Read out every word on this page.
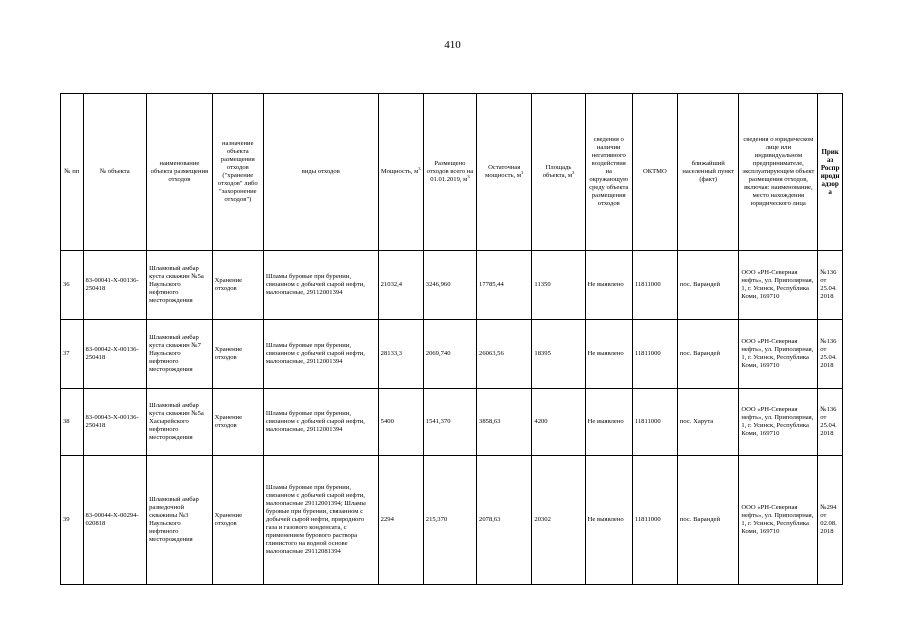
410
№ пп	№ объекта	наименование объекта размещения отходов	назначение объекта размещения отходов ("хранение отходов" либо "захоронение отходов")	виды отходов	Мощность, $м^3$	Размещено отходов всего на 01.01.2019, $м^3$	Остаточная мощность, $м^3$	Площадь объекта, $м^3$	сведения о наличии негативного воздействия на окружающую среду объекта размещения отходов	ОКТМО	ближайший населенный пункт (факт)	сведения о юридическом лице или индивидуальном предпринимателе, эксплуатирующем объект размещения отходов, включая: наименование, место нахождения юридического лица	Приказ Росприроднадзора
36	83-00041-Х-00136-250418	Шламовый амбар куста скважин №5а Наульского нефтяного месторождения	Хранение отходов	Шламы буровые при бурении, связанном с добычей сырой нефти, малоопасные, 29112001394	21032,4	3246,960	17785,44	11350	Не выявлено	11811000	пос. Варандей	ООО «РН-Северная нефть», ул. Приполярная, 1, г. Усинск, Республика Коми, 169710	№136 от 25.04.2018
37	83-00042-Х-00136-250418	Шламовый амбар куста скважин №7 Наульского нефтяного месторождения	Хранение отходов	Шламы буровые при бурении, связанном с добычей сырой нефти, малоопасные, 29112001394	28133,3	2069,740	26063,56	18395	Не выявлено	11811000	пос. Варандей	ООО «РН-Северная нефть», ул. Приполярная, 1, г. Усинск, Республика Коми, 169710	№136 от 25.04.2018
38	83-00043-Х-00136-250418	Шламовый амбар куста скважин №5а Хасырейского нефтяного месторождения	Хранение отходов	Шламы буровые при бурении, связанном с добычей сырой нефти, малоопасные, 29112001394	5400	1541,370	3858,63	4200	Не выявлено	11811000	пос. Харута	ООО «РН-Северная нефть», ул. Приполярная, 1, г. Усинск, Республика Коми, 169710	№136 от 25.04.2018
39	83-00044-Х-00294-020818	Шламовый амбар разведочной скважины №3 Наульского нефтяного месторождения	Хранение отходов	Шламы буровые при бурении, связанном с добычей сырой нефти, малоопасные 29112001394; Шламы буровые при бурении, связанном с добычей сырой нефти, природного газа и газового конденсата, с применением бурового раствора глинистого на водной основе малоопасные 29112081394	2294	215,370	2078,63	20302	Не выявлено	11811000	пос. Варандей	ООО «РН-Северная нефть», ул. Приполярная, 1, г. Усинск, Республика Коми, 169710	№294 от 02.08.2018
